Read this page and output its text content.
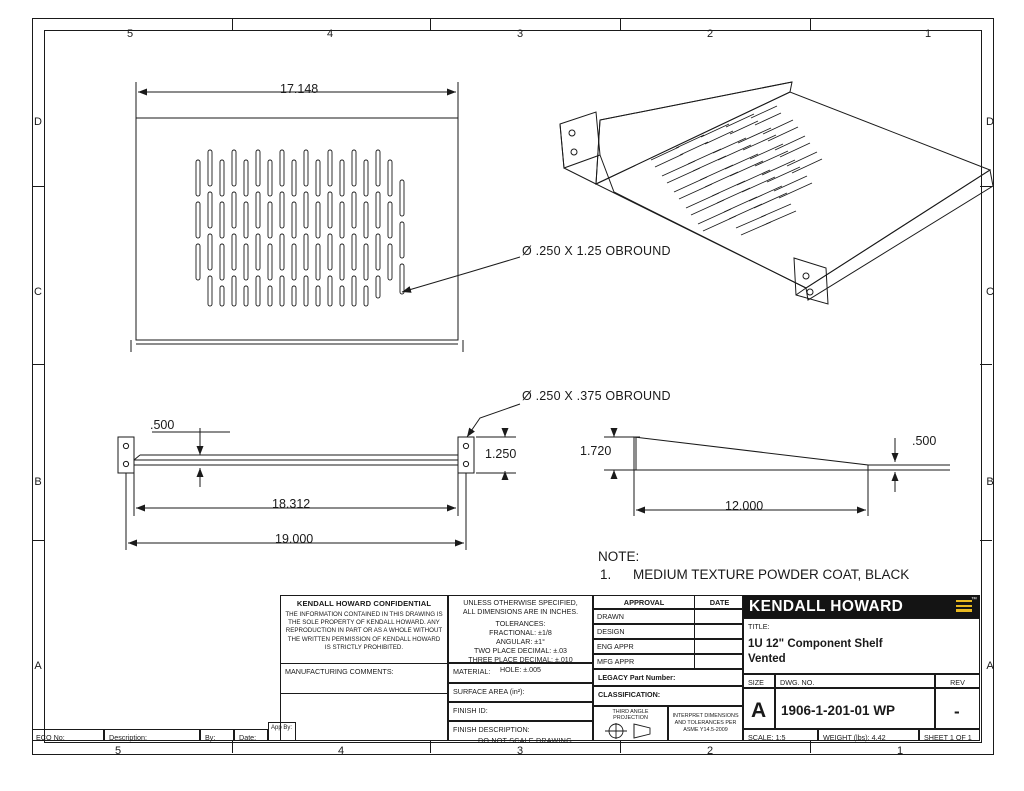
5	4	3	2	1
5	4	3	2	1
D
C
B
A
D
C
B
A
17.148
Ø .250 X 1.25 OBROUND
Ø .250 X .375 OBROUND
.500
1.250
18.312
19.000
1.720
.500
12.000
NOTE:
1. MEDIUM TEXTURE POWDER COAT, BLACK
KENDALL HOWARD CONFIDENTIAL
THE INFORMATION CONTAINED IN THIS DRAWING IS THE SOLE PROPERTY OF KENDALL HOWARD. ANY REPRODUCTION IN PART OR AS A WHOLE WITHOUT THE WRITTEN PERMISSION OF KENDALL HOWARD IS STRICTLY PROHIBITED.
MANUFACTURING COMMENTS:
UNLESS OTHERWISE SPECIFIED,
ALL DIMENSIONS ARE IN INCHES.
TOLERANCES:
FRACTIONAL: ±1/8
ANGULAR: ±1°
TWO PLACE DECIMAL: ±.03
THREE PLACE DECIMAL: ±.010
HOLE: ±.005
MATERIAL:
SURFACE AREA (in²):
FINISH ID:
FINISH DESCRIPTION:
APPROVAL	DATE
DRAWN
DESIGN
ENG APPR
MFG APPR
LEGACY Part Number:
CLASSIFICATION:
THIRD ANGLE
PROJECTION	INTERPRET DIMENSIONS
AND TOLERANCES PER
ASME Y14.5-2009
DO NOT SCALE DRAWING
KENDALL HOWARD	™
TITLE:
1U 12" Component Shelf
Vented
SIZE	DWG. NO.	REV
A 1906-1-201-01 WP	-
SCALE: 1:5	WEIGHT (lbs): 4.42	SHEET 1 OF 1
ECO No:	Description:	By:	Date:
App By:
